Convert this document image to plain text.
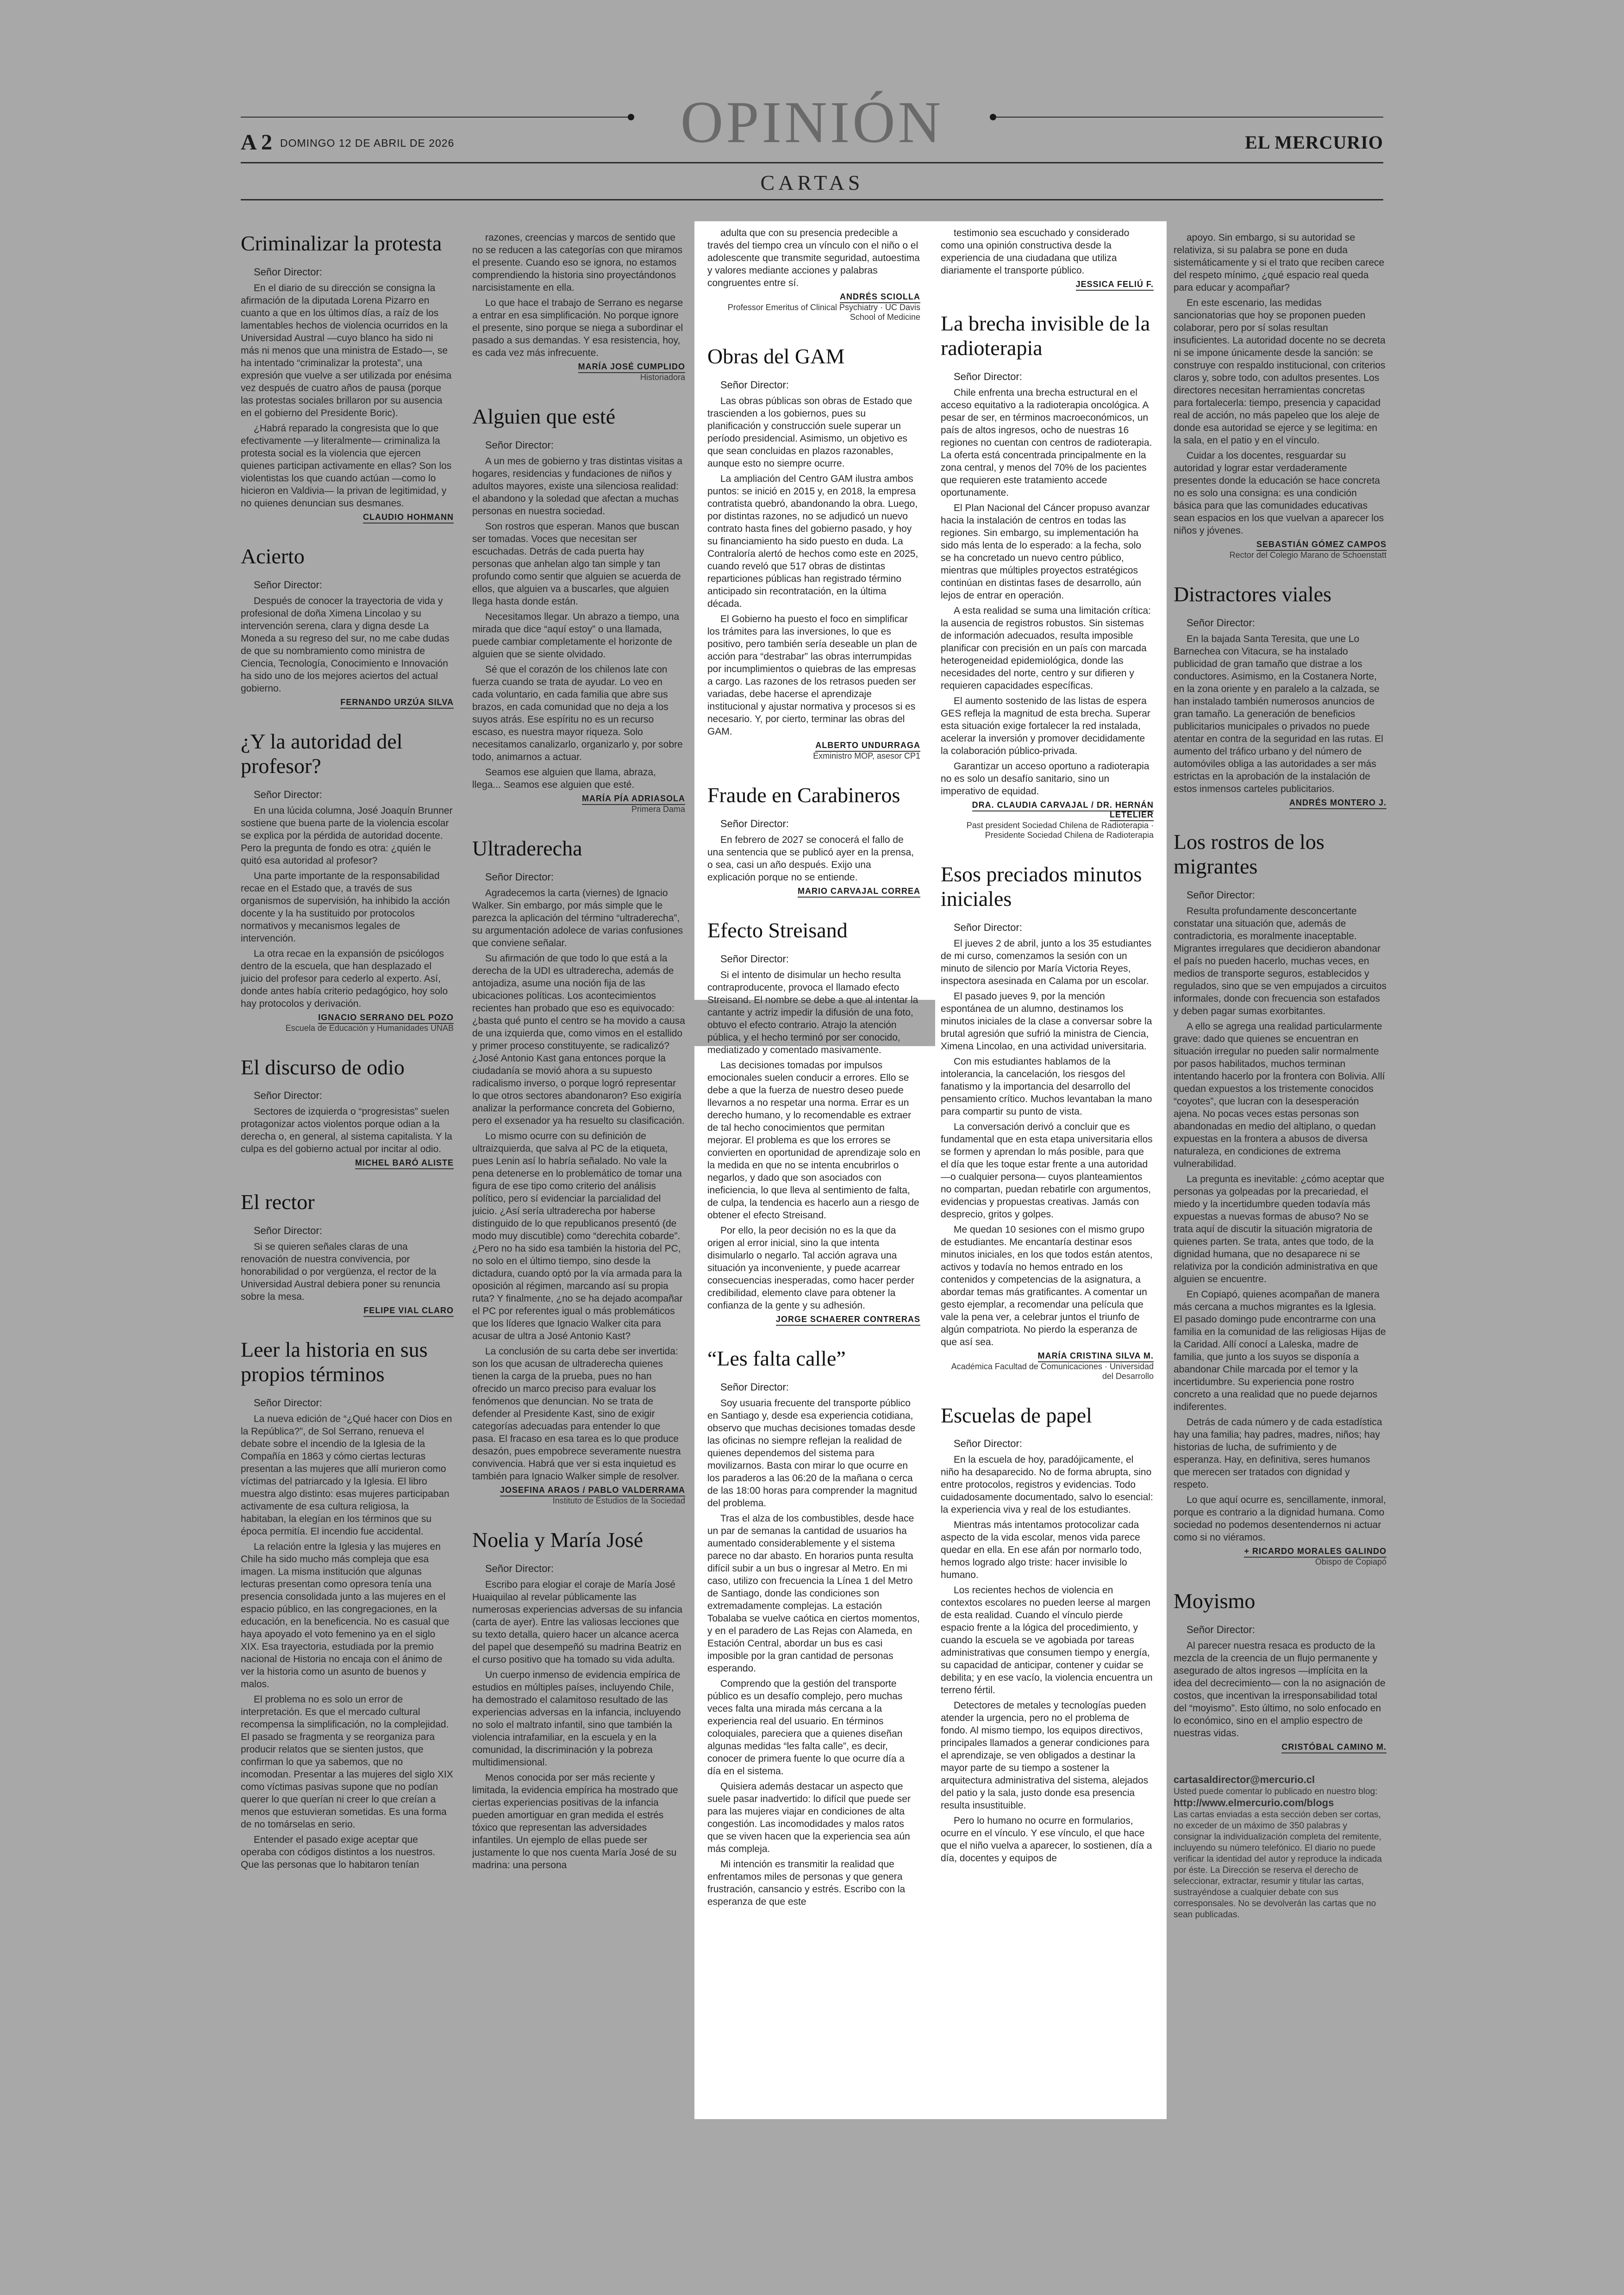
OPINIÓN
A 2 DOMINGO 12 DE ABRIL DE 2026	EL MERCURIO
CARTAS
Criminalizar la protesta
Señor Director:

En el diario de su dirección se consigna la afirmación de la diputada Lorena Pizarro en cuanto a que en los últimos días, a raíz de los lamentables hechos de violencia ocurridos en la Universidad Austral —cuyo blanco ha sido ni más ni menos que una ministra de Estado—, se ha intentado “criminalizar la protesta”, una expresión que vuelve a ser utilizada por enésima vez después de cuatro años de pausa (porque las protestas sociales brillaron por su ausencia en el gobierno del Presidente Boric).

¿Habrá reparado la congresista que lo que efectivamente —y literalmente— criminaliza la protesta social es la violencia que ejercen quienes participan activamente en ellas? Son los violentistas los que cuando actúan —como lo hicieron en Valdivia— la privan de legitimidad, y no quienes denuncian sus desmanes.

CLAUDIO HOHMANN
Acierto
Señor Director:

Después de conocer la trayectoria de vida y profesional de doña Ximena Lincolao y su intervención serena, clara y digna desde La Moneda a su regreso del sur, no me cabe dudas de que su nombramiento como ministra de Ciencia, Tecnología, Conocimiento e Innovación ha sido uno de los mejores aciertos del actual gobierno.

FERNANDO URZÚA SILVA
¿Y la autoridad del profesor?
Señor Director:

En una lúcida columna, José Joaquín Brunner sostiene que buena parte de la violencia escolar se explica por la pérdida de autoridad docente. Pero la pregunta de fondo es otra: ¿quién le quitó esa autoridad al profesor?

Una parte importante de la responsabilidad recae en el Estado que, a través de sus organismos de supervisión, ha inhibido la acción docente y la ha sustituido por protocolos normativos y mecanismos legales de intervención.

La otra recae en la expansión de psicólogos dentro de la escuela, que han desplazado el juicio del profesor para cederlo al experto. Así, donde antes había criterio pedagógico, hoy solo hay protocolos y derivación.

IGNACIO SERRANO DEL POZO
Escuela de Educación y Humanidades UNAB
El discurso de odio
Señor Director:

Sectores de izquierda o “progresistas” suelen protagonizar actos violentos porque odian a la derecha o, en general, al sistema capitalista. Y la culpa es del gobierno actual por incitar al odio.

MICHEL BARÓ ALISTE
El rector
Señor Director:

Si se quieren señales claras de una renovación de nuestra convivencia, por honorabilidad o por vergüenza, el rector de la Universidad Austral debiera poner su renuncia sobre la mesa.

FELIPE VIAL CLARO
Leer la historia en sus propios términos
Señor Director:

La nueva edición de “¿Qué hacer con Dios en la República?”, de Sol Serrano, renueva el debate sobre el incendio de la Iglesia de la Compañía en 1863 y cómo ciertas lecturas presentan a las mujeres que allí murieron como víctimas del patriarcado y la Iglesia. El libro muestra algo distinto: esas mujeres participaban activamente de esa cultura religiosa, la habitaban, la elegían en los términos que su época permitía. El incendio fue accidental.

La relación entre la Iglesia y las mujeres en Chile ha sido mucho más compleja que esa imagen. La misma institución que algunas lecturas presentan como opresora tenía una presencia consolidada junto a las mujeres en el espacio público, en las congregaciones, en la educación, en la beneficencia. No es casual que haya apoyado el voto femenino ya en el siglo XIX. Esa trayectoria, estudiada por la premio nacional de Historia no encaja con el ánimo de ver la historia como un asunto de buenos y malos.

El problema no es solo un error de interpretación. Es que el mercado cultural recompensa la simplificación, no la complejidad. El pasado se fragmenta y se reorganiza para producir relatos que se sienten justos, que confirman lo que ya sabemos, que no incomodan. Presentar a las mujeres del siglo XIX como víctimas pasivas supone que no podían querer lo que querían ni creer lo que creían a menos que estuvieran sometidas. Es una forma de no tomárselas en serio.

Entender el pasado exige aceptar que operaba con códigos distintos a los nuestros. Que las personas que lo habitaron tenían

razones, creencias y marcos de sentido que no se reducen a las categorías con que miramos el presente. Cuando eso se ignora, no estamos comprendiendo la historia sino proyectándonos narcisistamente en ella.

Lo que hace el trabajo de Serrano es negarse a entrar en esa simplificación. No porque ignore el presente, sino porque se niega a subordinar el pasado a sus demandas. Y esa resistencia, hoy, es cada vez más infrecuente.

MARÍA JOSÉ CUMPLIDO
Historiadora
Alguien que esté
Señor Director:

A un mes de gobierno y tras distintas visitas a hogares, residencias y fundaciones de niños y adultos mayores, existe una silenciosa realidad: el abandono y la soledad que afectan a muchas personas en nuestra sociedad.

Son rostros que esperan. Manos que buscan ser tomadas. Voces que necesitan ser escuchadas. Detrás de cada puerta hay personas que anhelan algo tan simple y tan profundo como sentir que alguien se acuerda de ellos, que alguien va a buscarles, que alguien llega hasta donde están.

Necesitamos llegar. Un abrazo a tiempo, una mirada que dice “aquí estoy” o una llamada, puede cambiar completamente el horizonte de alguien que se siente olvidado.

Sé que el corazón de los chilenos late con fuerza cuando se trata de ayudar. Lo veo en cada voluntario, en cada familia que abre sus brazos, en cada comunidad que no deja a los suyos atrás. Ese espíritu no es un recurso escaso, es nuestra mayor riqueza. Solo necesitamos canalizarlo, organizarlo y, por sobre todo, animarnos a actuar.

Seamos ese alguien que llama, abraza, llega... Seamos ese alguien que esté.

MARÍA PÍA ADRIASOLA
Primera Dama
Ultraderecha
Señor Director:

Agradecemos la carta (viernes) de Ignacio Walker. Sin embargo, por más simple que le parezca la aplicación del término “ultraderecha”, su argumentación adolece de varias confusiones que conviene señalar.

Su afirmación de que todo lo que está a la derecha de la UDI es ultraderecha, además de antojadiza, asume una noción fija de las ubicaciones políticas. Los acontecimientos recientes han probado que eso es equivocado: ¿basta qué punto el centro se ha movido a causa de una izquierda que, como vimos en el estallido y primer proceso constituyente, se radicalizó? ¿José Antonio Kast gana entonces porque la ciudadanía se movió ahora a su supuesto radicalismo inverso, o porque logró representar lo que otros sectores abandonaron? Eso exigiría analizar la performance concreta del Gobierno, pero el exsenador ya ha resuelto su clasificación.

Lo mismo ocurre con su definición de ultraizquierda, que salva al PC de la etiqueta, pues Lenin así lo habría señalado. No vale la pena detenerse en lo problemático de tomar una figura de ese tipo como criterio del análisis político, pero sí evidenciar la parcialidad del juicio. ¿Así sería ultraderecha por haberse distinguido de lo que republicanos presentó (de modo muy discutible) como “derechita cobarde”. ¿Pero no ha sido esa también la historia del PC, no solo en el último tiempo, sino desde la dictadura, cuando optó por la vía armada para la oposición al régimen, marcando así su propia ruta? Y finalmente, ¿no se ha dejado acompañar el PC por referentes igual o más problemáticos que los líderes que Ignacio Walker cita para acusar de ultra a José Antonio Kast?

La conclusión de su carta debe ser invertida: son los que acusan de ultraderecha quienes tienen la carga de la prueba, pues no han ofrecido un marco preciso para evaluar los fenómenos que denuncian. No se trata de defender al Presidente Kast, sino de exigir categorías adecuadas para entender lo que pasa. El fracaso en esa tarea es lo que produce desazón, pues empobrece severamente nuestra convivencia. Habrá que ver si esta inquietud es también para Ignacio Walker simple de resolver.

JOSEFINA ARAOS / PABLO VALDERRAMA
Instituto de Estudios de la Sociedad
Noelia y María José
Señor Director:

Escribo para elogiar el coraje de María José Huaiquilao al revelar públicamente las numerosas experiencias adversas de su infancia (carta de ayer). Entre las valiosas lecciones que su texto detalla, quiero hacer un alcance acerca del papel que desempeñó su madrina Beatriz en el curso positivo que ha tomado su vida adulta.

Un cuerpo inmenso de evidencia empírica de estudios en múltiples países, incluyendo Chile, ha demostrado el calamitoso resultado de las experiencias adversas en la infancia, incluyendo no solo el maltrato infantil, sino que también la violencia intrafamiliar, en la escuela y en la comunidad, la discriminación y la pobreza multidimensional.

Menos conocida por ser más reciente y limitada, la evidencia empírica ha mostrado que ciertas experiencias positivas de la infancia pueden amortiguar en gran medida el estrés tóxico que representan las adversidades infantiles. Un ejemplo de ellas puede ser justamente lo que nos cuenta María José de su madrina: una persona

adulta que con su presencia predecible a través del tiempo crea un vínculo con el niño o el adolescente que transmite seguridad, autoestima y valores mediante acciones y palabras congruentes entre sí.

ANDRÉS SCIOLLA
Professor Emeritus of Clinical Psychiatry · UC Davis School of Medicine
Obras del GAM
Señor Director:

Las obras públicas son obras de Estado que trascienden a los gobiernos, pues su planificación y construcción suele superar un período presidencial. Asimismo, un objetivo es que sean concluidas en plazos razonables, aunque esto no siempre ocurre.

La ampliación del Centro GAM ilustra ambos puntos: se inició en 2015 y, en 2018, la empresa contratista quebró, abandonando la obra. Luego, por distintas razones, no se adjudicó un nuevo contrato hasta fines del gobierno pasado, y hoy su financiamiento ha sido puesto en duda. La Contraloría alertó de hechos como este en 2025, cuando reveló que 517 obras de distintas reparticiones públicas han registrado término anticipado sin recontratación, en la última década.

El Gobierno ha puesto el foco en simplificar los trámites para las inversiones, lo que es positivo, pero también sería deseable un plan de acción para “destrabar” las obras interrumpidas por incumplimientos o quiebras de las empresas a cargo. Las razones de los retrasos pueden ser variadas, debe hacerse el aprendizaje institucional y ajustar normativa y procesos si es necesario. Y, por cierto, terminar las obras del GAM.

ALBERTO UNDURRAGA
Exministro MOP, asesor CP1
Fraude en Carabineros
Señor Director:

En febrero de 2027 se conocerá el fallo de una sentencia que se publicó ayer en la prensa, o sea, casi un año después. Exijo una explicación porque no se entiende.

MARIO CARVAJAL CORREA
Efecto Streisand
Señor Director:

Si el intento de disimular un hecho resulta contraproducente, provoca el llamado efecto Streisand. El nombre se debe a que al intentar la cantante y actriz impedir la difusión de una foto, obtuvo el efecto contrario. Atrajo la atención pública, y el hecho terminó por ser conocido, mediatizado y comentado masivamente.

Las decisiones tomadas por impulsos emocionales suelen conducir a errores. Ello se debe a que la fuerza de nuestro deseo puede llevarnos a no respetar una norma. Errar es un derecho humano, y lo recomendable es extraer de tal hecho conocimientos que permitan mejorar. El problema es que los errores se convierten en oportunidad de aprendizaje solo en la medida en que no se intenta encubrirlos o negarlos, y dado que son asociados con ineficiencia, lo que lleva al sentimiento de falta, de culpa, la tendencia es hacerlo aun a riesgo de obtener el efecto Streisand.

Por ello, la peor decisión no es la que da origen al error inicial, sino la que intenta disimularlo o negarlo. Tal acción agrava una situación ya inconveniente, y puede acarrear consecuencias inesperadas, como hacer perder credibilidad, elemento clave para obtener la confianza de la gente y su adhesión.

JORGE SCHAERER CONTRERAS
“Les falta calle”
Señor Director:

Soy usuaria frecuente del transporte público en Santiago y, desde esa experiencia cotidiana, observo que muchas decisiones tomadas desde las oficinas no siempre reflejan la realidad de quienes dependemos del sistema para movilizarnos. Basta con mirar lo que ocurre en los paraderos a las 06:20 de la mañana o cerca de las 18:00 horas para comprender la magnitud del problema.

Tras el alza de los combustibles, desde hace un par de semanas la cantidad de usuarios ha aumentado considerablemente y el sistema parece no dar abasto. En horarios punta resulta difícil subir a un bus o ingresar al Metro. En mi caso, utilizo con frecuencia la Línea 1 del Metro de Santiago, donde las condiciones son extremadamente complejas. La estación Tobalaba se vuelve caótica en ciertos momentos, y en el paradero de Las Rejas con Alameda, en Estación Central, abordar un bus es casi imposible por la gran cantidad de personas esperando.

Comprendo que la gestión del transporte público es un desafío complejo, pero muchas veces falta una mirada más cercana a la experiencia real del usuario. En términos coloquiales, pareciera que a quienes diseñan algunas medidas “les falta calle”, es decir, conocer de primera fuente lo que ocurre día a día en el sistema.

Quisiera además destacar un aspecto que suele pasar inadvertido: lo difícil que puede ser para las mujeres viajar en condiciones de alta congestión. Las incomodidades y malos ratos que se viven hacen que la experiencia sea aún más compleja.

Mi intención es transmitir la realidad que enfrentamos miles de personas y que genera frustración, cansancio y estrés. Escribo con la esperanza de que este

testimonio sea escuchado y considerado como una opinión constructiva desde la experiencia de una ciudadana que utiliza diariamente el transporte público.

JESSICA FELIÚ F.
La brecha invisible de la radioterapia
Señor Director:

Chile enfrenta una brecha estructural en el acceso equitativo a la radioterapia oncológica. A pesar de ser, en términos macroeconómicos, un país de altos ingresos, ocho de nuestras 16 regiones no cuentan con centros de radioterapia. La oferta está concentrada principalmente en la zona central, y menos del 70% de los pacientes que requieren este tratamiento accede oportunamente.

El Plan Nacional del Cáncer propuso avanzar hacia la instalación de centros en todas las regiones. Sin embargo, su implementación ha sido más lenta de lo esperado: a la fecha, solo se ha concretado un nuevo centro público, mientras que múltiples proyectos estratégicos continúan en distintas fases de desarrollo, aún lejos de entrar en operación.

A esta realidad se suma una limitación crítica: la ausencia de registros robustos. Sin sistemas de información adecuados, resulta imposible planificar con precisión en un país con marcada heterogeneidad epidemiológica, donde las necesidades del norte, centro y sur difieren y requieren capacidades específicas.

El aumento sostenido de las listas de espera GES refleja la magnitud de esta brecha. Superar esta situación exige fortalecer la red instalada, acelerar la inversión y promover decididamente la colaboración público-privada.

Garantizar un acceso oportuno a radioterapia no es solo un desafío sanitario, sino un imperativo de equidad.

DRA. CLAUDIA CARVAJAL / DR. HERNÁN LETELIER
Past president Sociedad Chilena de Radioterapia · Presidente Sociedad Chilena de Radioterapia
Esos preciados minutos iniciales
Señor Director:

El jueves 2 de abril, junto a los 35 estudiantes de mi curso, comenzamos la sesión con un minuto de silencio por María Victoria Reyes, inspectora asesinada en Calama por un escolar.

El pasado jueves 9, por la mención espontánea de un alumno, destinamos los minutos iniciales de la clase a conversar sobre la brutal agresión que sufrió la ministra de Ciencia, Ximena Lincolao, en una actividad universitaria.

Con mis estudiantes hablamos de la intolerancia, la cancelación, los riesgos del fanatismo y la importancia del desarrollo del pensamiento crítico. Muchos levantaban la mano para compartir su punto de vista.

La conversación derivó a concluir que es fundamental que en esta etapa universitaria ellos se formen y aprendan lo más posible, para que el día que les toque estar frente a una autoridad —o cualquier persona— cuyos planteamientos no compartan, puedan rebatirle con argumentos, evidencias y propuestas creativas. Jamás con desprecio, gritos y golpes.

Me quedan 10 sesiones con el mismo grupo de estudiantes. Me encantaría destinar esos minutos iniciales, en los que todos están atentos, activos y todavía no hemos entrado en los contenidos y competencias de la asignatura, a abordar temas más gratificantes. A comentar un gesto ejemplar, a recomendar una película que vale la pena ver, a celebrar juntos el triunfo de algún compatriota. No pierdo la esperanza de que así sea.

MARÍA CRISTINA SILVA M.
Académica Facultad de Comunicaciones · Universidad del Desarrollo
Escuelas de papel
Señor Director:

En la escuela de hoy, paradójicamente, el niño ha desaparecido. No de forma abrupta, sino entre protocolos, registros y evidencias. Todo cuidadosamente documentado, salvo lo esencial: la experiencia viva y real de los estudiantes.

Mientras más intentamos protocolizar cada aspecto de la vida escolar, menos vida parece quedar en ella. En ese afán por normarlo todo, hemos logrado algo triste: hacer invisible lo humano.

Los recientes hechos de violencia en contextos escolares no pueden leerse al margen de esta realidad. Cuando el vínculo pierde espacio frente a la lógica del procedimiento, y cuando la escuela se ve agobiada por tareas administrativas que consumen tiempo y energía, su capacidad de anticipar, contener y cuidar se debilita; y en ese vacío, la violencia encuentra un terreno fértil.

Detectores de metales y tecnologías pueden atender la urgencia, pero no el problema de fondo. Al mismo tiempo, los equipos directivos, principales llamados a generar condiciones para el aprendizaje, se ven obligados a destinar la mayor parte de su tiempo a sostener la arquitectura administrativa del sistema, alejados del patio y la sala, justo donde esa presencia resulta insustituible.

Pero lo humano no ocurre en formularios, ocurre en el vínculo. Y ese vínculo, el que hace que el niño vuelva a aparecer, lo sostienen, día a día, docentes y equipos de

apoyo. Sin embargo, si su autoridad se relativiza, si su palabra se pone en duda sistemáticamente y si el trato que reciben carece del respeto mínimo, ¿qué espacio real queda para educar y acompañar?

En este escenario, las medidas sancionatorias que hoy se proponen pueden colaborar, pero por sí solas resultan insuficientes. La autoridad docente no se decreta ni se impone únicamente desde la sanción: se construye con respaldo institucional, con criterios claros y, sobre todo, con adultos presentes. Los directores necesitan herramientas concretas para fortalecerla: tiempo, presencia y capacidad real de acción, no más papeleo que los aleje de donde esa autoridad se ejerce y se legitima: en la sala, en el patio y en el vínculo.

Cuidar a los docentes, resguardar su autoridad y lograr estar verdaderamente presentes donde la educación se hace concreta no es solo una consigna: es una condición básica para que las comunidades educativas sean espacios en los que vuelvan a aparecer los niños y jóvenes.

SEBASTIÁN GÓMEZ CAMPOS
Rector del Colegio Marano de Schoenstatt
Distractores viales
Señor Director:

En la bajada Santa Teresita, que une Lo Barnechea con Vitacura, se ha instalado publicidad de gran tamaño que distrae a los conductores. Asimismo, en la Costanera Norte, en la zona oriente y en paralelo a la calzada, se han instalado también numerosos anuncios de gran tamaño. La generación de beneficios publicitarios municipales o privados no puede atentar en contra de la seguridad en las rutas. El aumento del tráfico urbano y del número de automóviles obliga a las autoridades a ser más estrictas en la aprobación de la instalación de estos inmensos carteles publicitarios.

ANDRÉS MONTERO J.
Los rostros de los migrantes
Señor Director:

Resulta profundamente desconcertante constatar una situación que, además de contradictoria, es moralmente inaceptable. Migrantes irregulares que decidieron abandonar el país no pueden hacerlo, muchas veces, en medios de transporte seguros, establecidos y regulados, sino que se ven empujados a circuitos informales, donde con frecuencia son estafados y deben pagar sumas exorbitantes.

A ello se agrega una realidad particularmente grave: dado que quienes se encuentran en situación irregular no pueden salir normalmente por pasos habilitados, muchos terminan intentando hacerlo por la frontera con Bolivia. Allí quedan expuestos a los tristemente conocidos “coyotes”, que lucran con la desesperación ajena. No pocas veces estas personas son abandonadas en medio del altiplano, o quedan expuestas en la frontera a abusos de diversa naturaleza, en condiciones de extrema vulnerabilidad.

La pregunta es inevitable: ¿cómo aceptar que personas ya golpeadas por la precariedad, el miedo y la incertidumbre queden todavía más expuestas a nuevas formas de abuso? No se trata aquí de discutir la situación migratoria de quienes parten. Se trata, antes que todo, de la dignidad humana, que no desaparece ni se relativiza por la condición administrativa en que alguien se encuentre.

En Copiapó, quienes acompañan de manera más cercana a muchos migrantes es la Iglesia. El pasado domingo pude encontrarme con una familia en la comunidad de las religiosas Hijas de la Caridad. Allí conocí a Laleska, madre de familia, que junto a los suyos se disponía a abandonar Chile marcada por el temor y la incertidumbre. Su experiencia pone rostro concreto a una realidad que no puede dejarnos indiferentes.

Detrás de cada número y de cada estadística hay una familia; hay padres, madres, niños; hay historias de lucha, de sufrimiento y de esperanza. Hay, en definitiva, seres humanos que merecen ser tratados con dignidad y respeto.

Lo que aquí ocurre es, sencillamente, inmoral, porque es contrario a la dignidad humana. Como sociedad no podemos desentendernos ni actuar como si no viéramos.

+ RICARDO MORALES GALINDO
Obispo de Copiapó
Moyismo
Señor Director:

Al parecer nuestra resaca es producto de la mezcla de la creencia de un flujo permanente y asegurado de altos ingresos —implícita en la idea del decrecimiento— con la no asignación de costos, que incentivan la irresponsabilidad total del “moyismo”. Esto último, no solo enfocado en lo económico, sino en el amplio espectro de nuestras vidas.

CRISTÓBAL CAMINO M.
cartasaldirector@mercurio.cl
Usted puede comentar lo publicado en nuestro blog:
http://www.elmercurio.com/blogs
Las cartas enviadas a esta sección deben ser cortas, no exceder de un máximo de 350 palabras y consignar la individualización completa del remitente, incluyendo su número telefónico. El diario no puede verificar la identidad del autor y reproduce la indicada por éste. La Dirección se reserva el derecho de seleccionar, extractar, resumir y titular las cartas, sustrayéndose a cualquier debate con sus corresponsales. No se devolverán las cartas que no sean publicadas.
